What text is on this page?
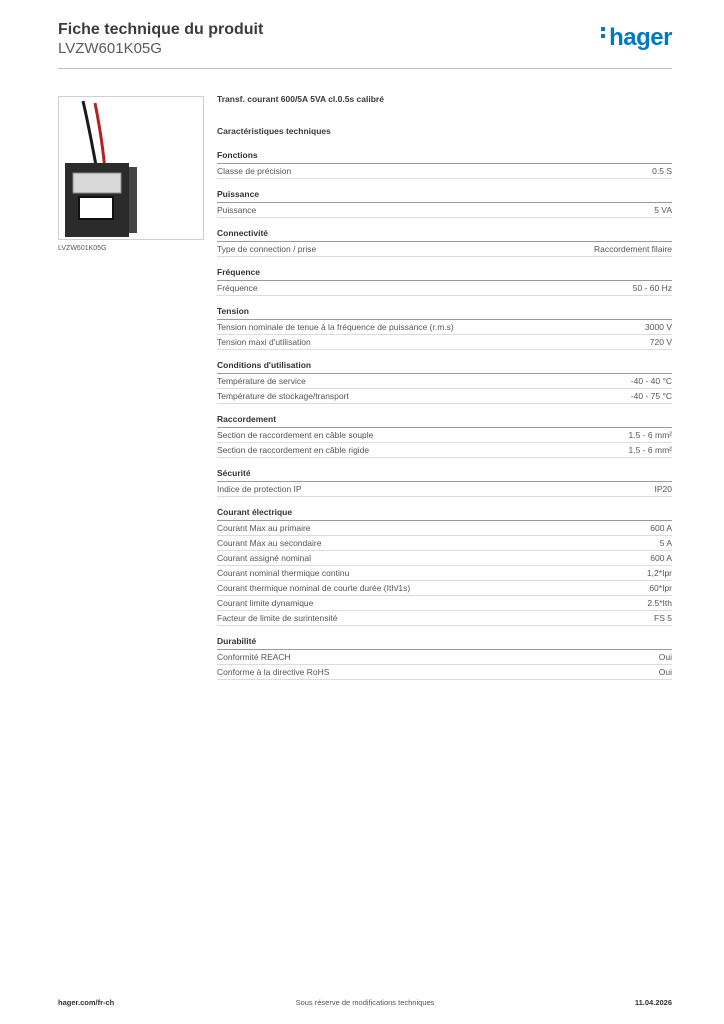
Fiche technique du produit
LVZW601K05G	hager
LVZW601K05G
Transf. courant 600/5A 5VA cl.0.5s calibré
Caractéristiques techniques
Fonctions
Classe de précision	0.5 S
Puissance
Puissance	5 VA
Connectivité
Type de connection / prise	Raccordement filaire
Fréquence
Fréquence	50 - 60 Hz
Tension
Tension nominale de tenue à la fréquence de puissance (r.m.s)	3000 V
Tension maxi d'utilisation	720 V
Conditions d'utilisation
Température de service	-40 - 40 °C
Température de stockage/transport	-40 - 75 °C
Raccordement
Section de raccordement en câble souple	1.5 - 6 mm²
Section de raccordement en câble rigide	1.5 - 6 mm²
Sécurité
Indice de protection IP	IP20
Courant électrique
Courant Max au primaire	600 A
Courant Max au secondaire	5 A
Courant assigné nominal	600 A
Courant nominal thermique continu	1,2*Ipr
Courant thermique nominal de courte durée (Ith/1s)	60*Ipr
Courant limite dynamique	2.5*Ith
Facteur de limite de surintensité	FS 5
Durabilité
Conformité REACH	Oui
Conforme à la directive RoHS	Oui
hager.com/fr-ch	Sous réserve de modifications techniques	11.04.2026
